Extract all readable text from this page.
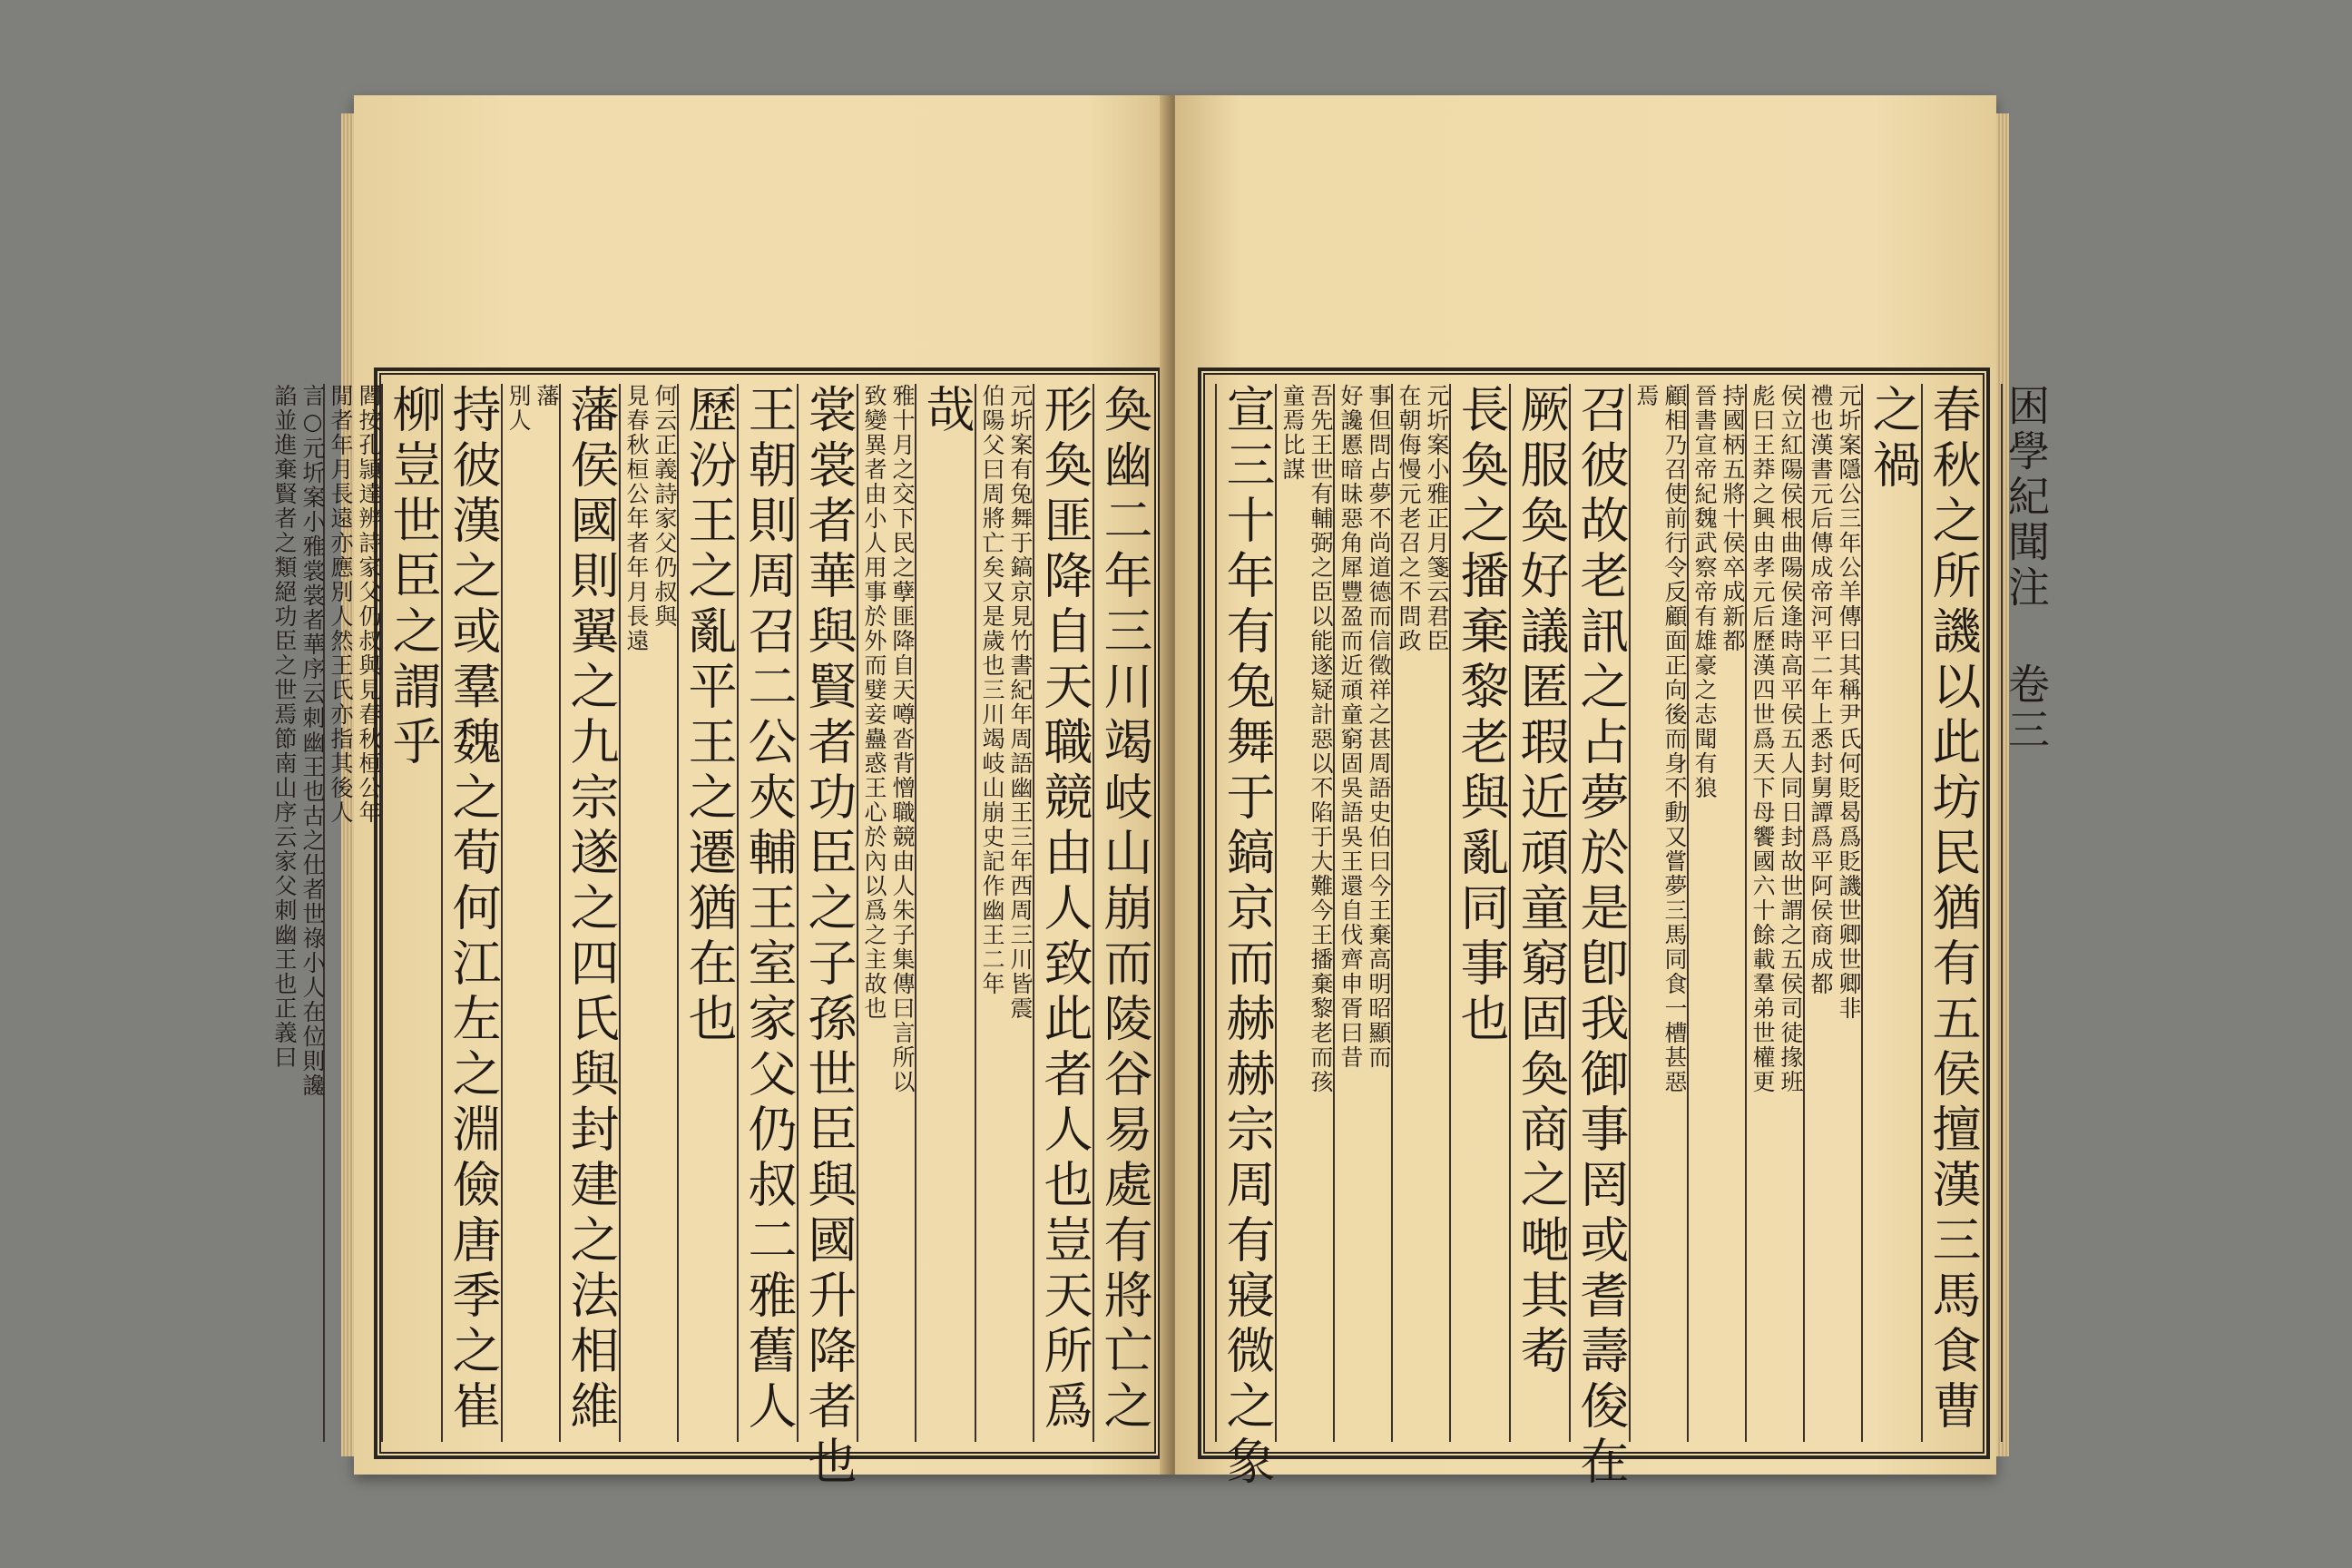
奐幽二年三川竭岐山崩而陵谷易處有將亡之
形奐匪降自天職競由人致此者人也豈天所爲
元圻案有兔舞于鎬京見竹書紀年周語幽王三年西周三川皆震
伯陽父曰周將亡矣又是歲也三川竭岐山崩史記作幽王二年
哉
雅十月之交下民之孽匪降自天噂沓背憎職競由人朱子集傳曰言所以
致變異者由小人用事於外而嬖妾蠱惑王心於內以爲之主故也
裳裳者華與賢者功臣之子孫世臣與國升降者也
王朝則周召二公夾輔王室家父仍叔二雅舊人
歷汾王之亂平王之遷猶在也
何云正義詩家父仍叔與
見春秋桓公年者年月長遠
藩侯國則翼之九宗遂之四氏與封建之法相維
藩
別人
持彼漢之或羣魏之荀何江左之淵儉唐季之崔
柳豈世臣之謂乎
閻按孔頴達辨詩家父仍叔與見春秋桓公年
閒者年月長遠亦應別人然王氏亦指其後人
言○元圻案小雅裳裳者華序云刺幽王也古之仕者世祿小人在位則讒
諂並進棄賢者之類絕功臣之世焉節南山序云家父刺幽王也正義曰	困學紀聞注  卷三
春秋之所譏以此坊民猶有五侯擅漢三馬食曹
之禍
元圻案隱公三年公羊傳曰其稱尹氏何貶曷爲貶譏世卿世卿非
禮也漢書元后傳成帝河平二年上悉封舅譚爲平阿侯商成都
侯立紅陽侯根曲陽侯逢時高平侯五人同日封故世謂之五侯司徒掾班
彪曰王莽之興由孝元后歷漢四世爲天下母饗國六十餘載羣弟世權更
持國柄五將十侯卒成新都
晉書宣帝紀魏武察帝有雄豪之志聞有狼
顧相乃召使前行令反顧面正向後而身不動又嘗夢三馬同食一槽甚惡
焉
召彼故老訊之占夢於是卽我御事罔或耆壽俊在
厥服奐好議匿瑕近頑童窮固奐商之哋其耇
長奐之播棄黎老與亂同事也
元圻案小雅正月箋云君臣
在朝侮慢元老召之不問政
事但問占夢不尚道德而信徵祥之甚周語史伯曰今王棄高明昭顯而
好讒慝暗昧惡角犀豐盈而近頑童窮固吳語吳王還自伐齊申胥曰昔
吾先王世有輔弼之臣以能遂疑計惡以不陷于大難今王播棄黎老而孩
童焉比謀
宣三十年有兔舞于鎬京而赫赫宗周有寢微之象
